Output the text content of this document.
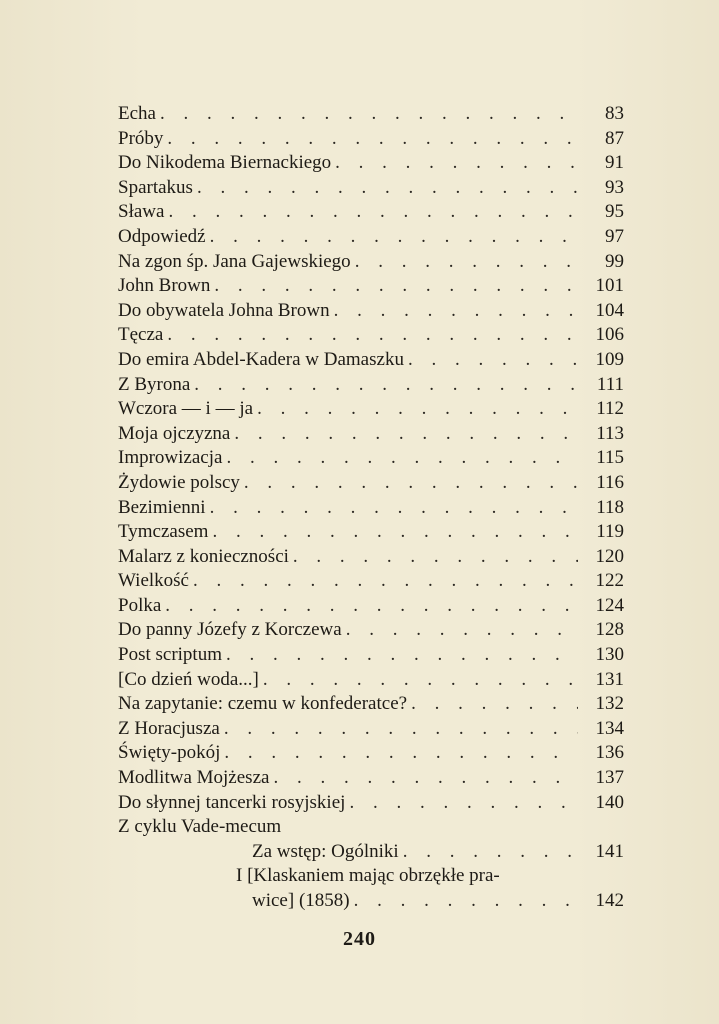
Echa . . .	83
Próby . . .	87
Do Nikodema Biernackiego . . .	91
Spartakus . . .	93
Sława . . .	95
Odpowiedź . . .	97
Na zgon śp. Jana Gajewskiego . . .	99
John Brown . . .	101
Do obywatela Johna Brown . . .	104
Tęcza . . .	106
Do emira Abdel-Kadera w Damaszku . . .	109
Z Byrona . . .	111
Wczora — i — ja . . .	112
Moja ojczyzna . . .	113
Improwizacja . . .	115
Żydowie polscy . . .	116
Bezimienni . . .	118
Tymczasem . . .	119
Malarz z konieczności . . .	120
Wielkość . . .	122
Polka . . .	124
Do panny Józefy z Korczewa . . .	128
Post scriptum . . .	130
[Co dzień woda...] . . .	131
Na zapytanie: czemu w konfederatce? . . .	132
Z Horacjusza . . .	134
Święty-pokój . . .	136
Modlitwa Mojżesza . . .	137
Do słynnej tancerki rosyjskiej . . .	140
Z cyklu Vade-mecum
Za wstęp: Ogólniki . . .	141
I [Klaskaniem mając obrzękłe pra-
wice] (1858) . . .	142
240
